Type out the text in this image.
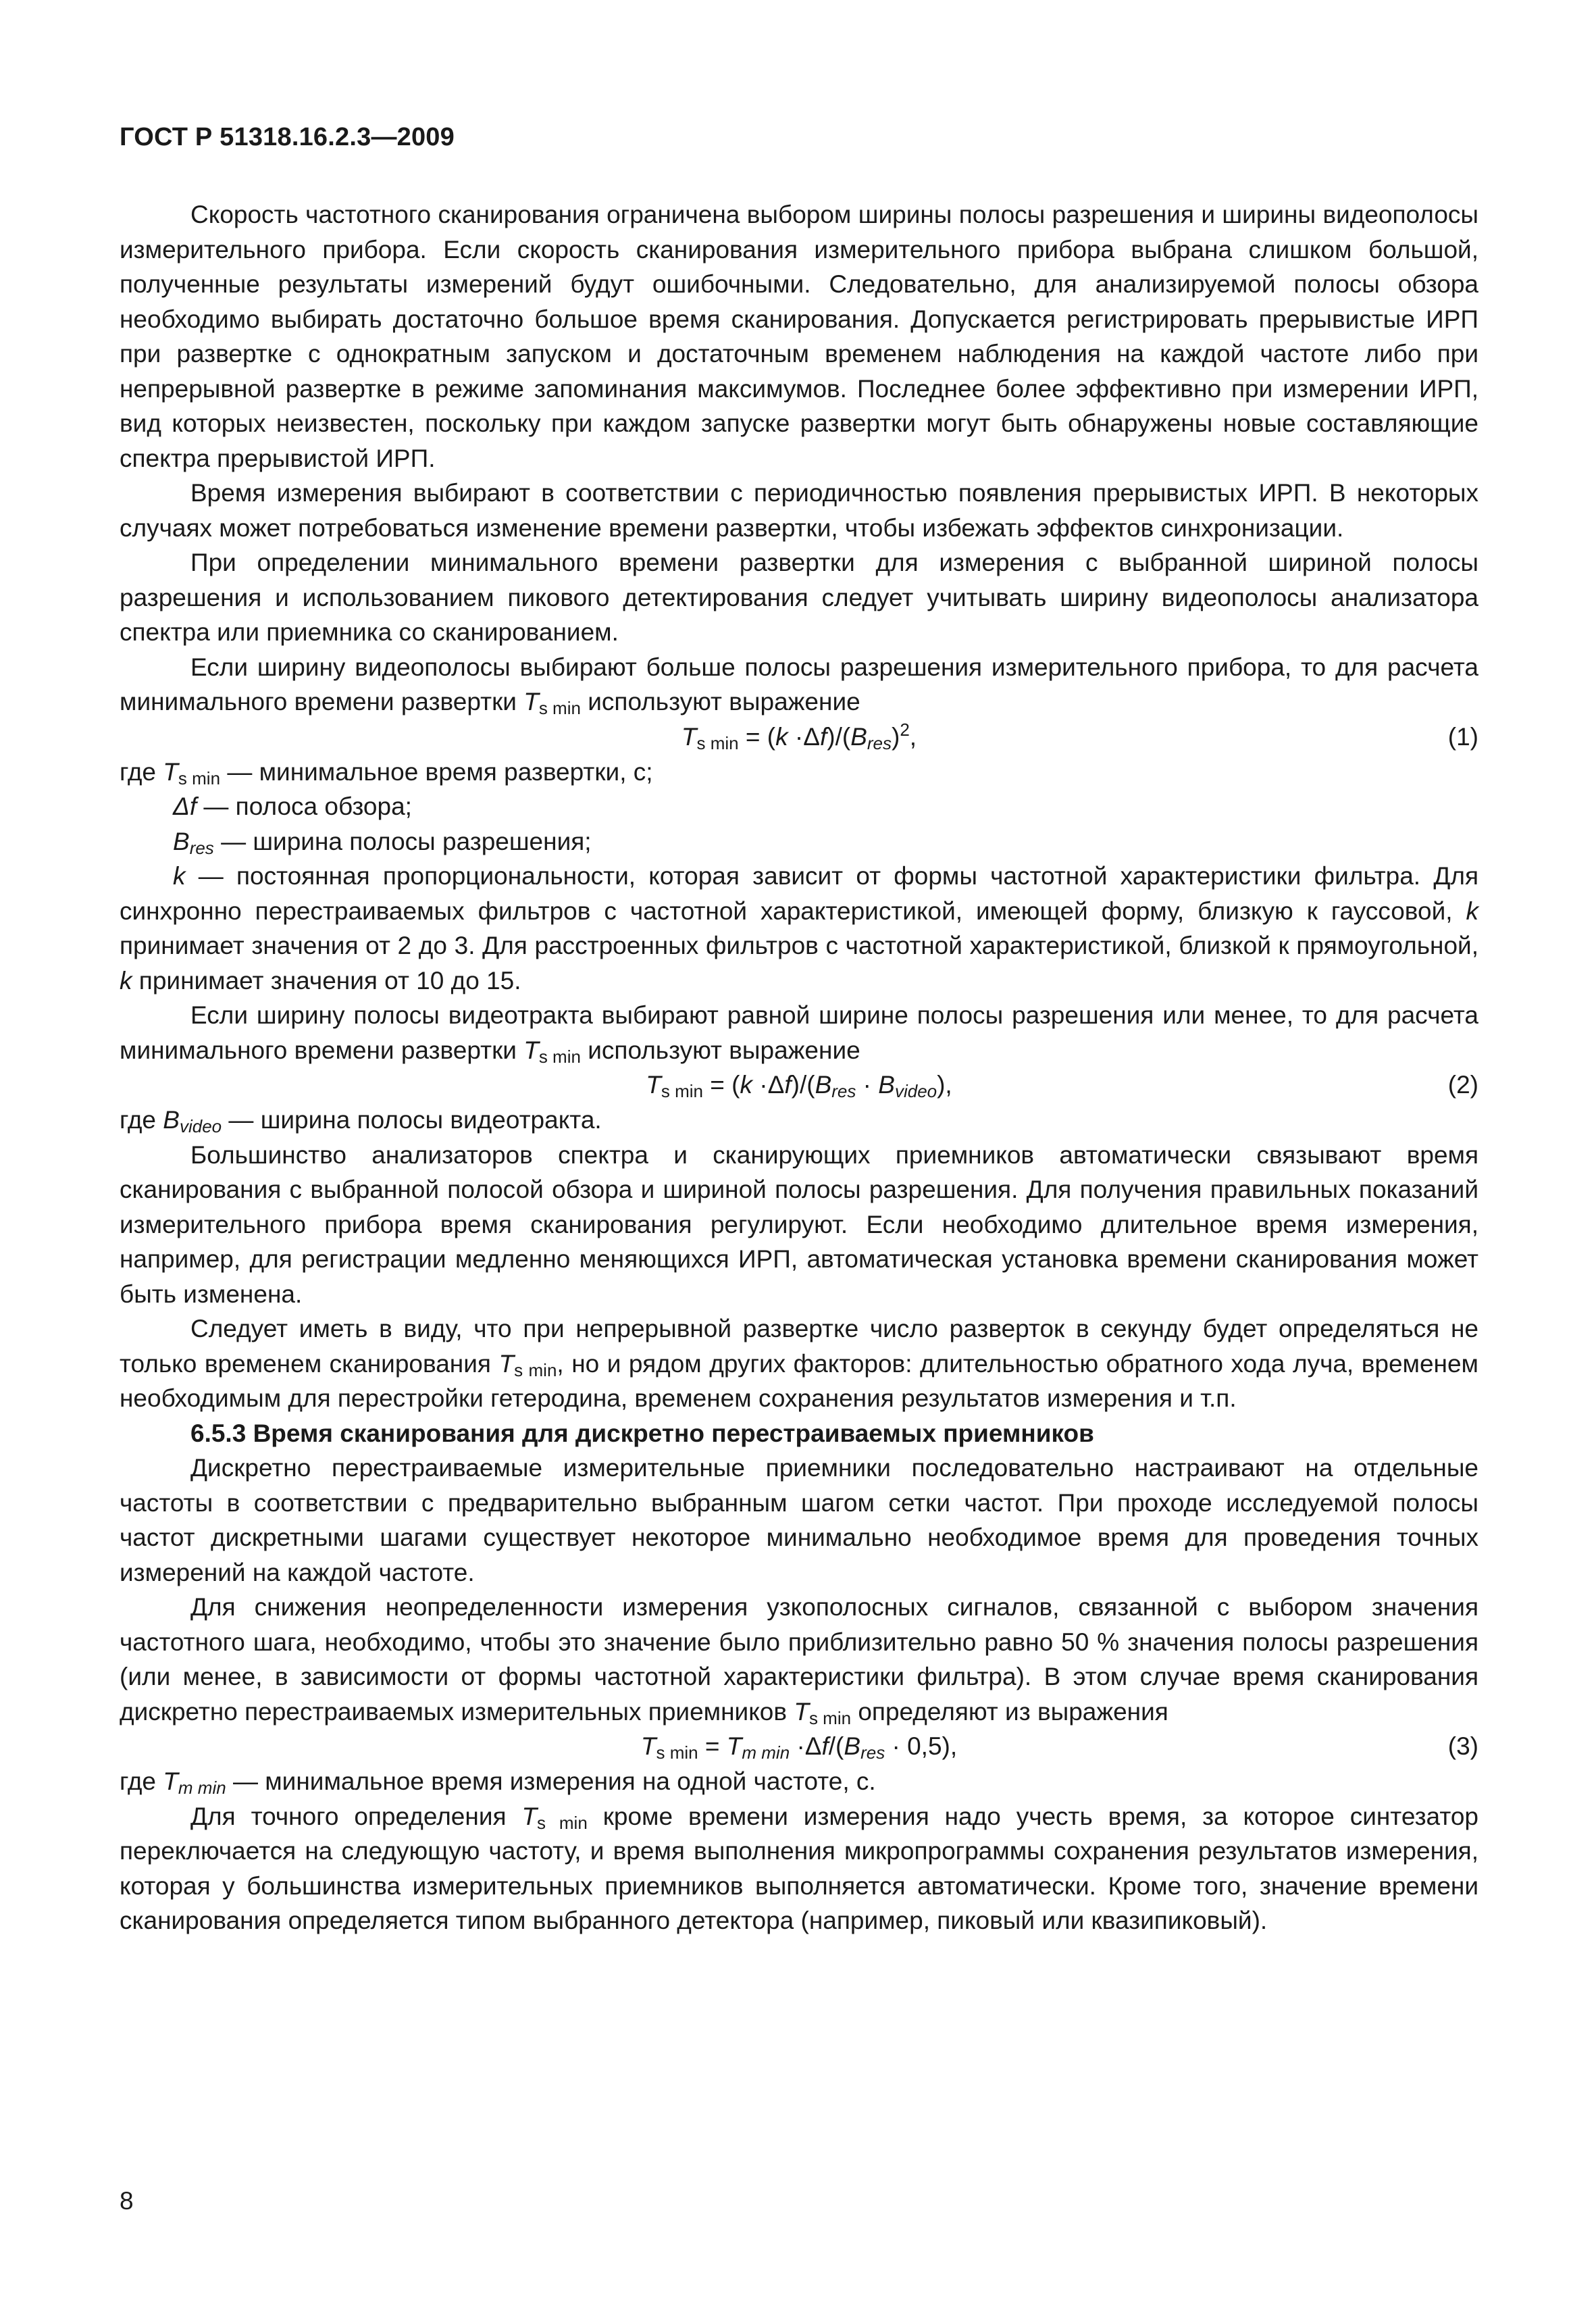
ГОСТ Р 51318.16.2.3—2009

Скорость частотного сканирования ограничена выбором ширины полосы разрешения и ширины видеополосы измерительного прибора. Если скорость сканирования измерительного прибора выбрана слишком большой, полученные результаты измерений будут ошибочными. Следовательно, для анализируемой полосы обзора необходимо выбирать достаточно большое время сканирования. Допускается регистрировать прерывистые ИРП при развертке с однократным запуском и достаточным временем наблюдения на каждой частоте либо при непрерывной развертке в режиме запоминания максимумов. Последнее более эффективно при измерении ИРП, вид которых неизвестен, поскольку при каждом запуске развертки могут быть обнаружены новые составляющие спектра прерывистой ИРП.

Время измерения выбирают в соответствии с периодичностью появления прерывистых ИРП. В некоторых случаях может потребоваться изменение времени развертки, чтобы избежать эффектов синхронизации.

При определении минимального времени развертки для измерения с выбранной шириной полосы разрешения и использованием пикового детектирования следует учитывать ширину видеополосы анализатора спектра или приемника со сканированием.

Если ширину видеополосы выбирают больше полосы разрешения измерительного прибора, то для расчета минимального времени развертки $T_{s min}$ используют выражение

$T_{s min} = (k \cdot\Delta f)/(B_{res})^2$,	(1)

где $T_{s min}$ — минимальное время развертки, с;

Δf — полоса обзора;

$B_{res}$ — ширина полосы разрешения;

k — постоянная пропорциональности, которая зависит от формы частотной характеристики фильтра. Для синхронно перестраиваемых фильтров с частотной характеристикой, имеющей форму, близкую к гауссовой, k принимает значения от 2 до 3. Для расстроенных фильтров с частотной характеристикой, близкой к прямоугольной, k принимает значения от 10 до 15.

Если ширину полосы видеотракта выбирают равной ширине полосы разрешения или менее, то для расчета минимального времени развертки $T_{s min}$ используют выражение

$T_{s min} = (k \cdot\Delta f)/(B_{res} \cdot B_{video})$,	(2)

где $B_{video}$ — ширина полосы видеотракта.

Большинство анализаторов спектра и сканирующих приемников автоматически связывают время сканирования с выбранной полосой обзора и шириной полосы разрешения. Для получения правильных показаний измерительного прибора время сканирования регулируют. Если необходимо длительное время измерения, например, для регистрации медленно меняющихся ИРП, автоматическая установка времени сканирования может быть изменена.

Следует иметь в виду, что при непрерывной развертке число разверток в секунду будет определяться не только временем сканирования $T_{s min}$, но и рядом других факторов: длительностью обратного хода луча, временем необходимым для перестройки гетеродина, временем сохранения результатов измерения и т.п.

6.5.3 Время сканирования для дискретно перестраиваемых приемников

Дискретно перестраиваемые измерительные приемники последовательно настраивают на отдельные частоты в соответствии с предварительно выбранным шагом сетки частот. При проходе исследуемой полосы частот дискретными шагами существует некоторое минимально необходимое время для проведения точных измерений на каждой частоте.

Для снижения неопределенности измерения узкополосных сигналов, связанной с выбором значения частотного шага, необходимо, чтобы это значение было приблизительно равно 50 % значения полосы разрешения (или менее, в зависимости от формы частотной характеристики фильтра). В этом случае время сканирования дискретно перестраиваемых измерительных приемников $T_{s min}$ определяют из выражения

$T_{s min} = T_{m min} \cdot\Delta f/(B_{res} \cdot 0,5)$,	(3)

где $T_{m min}$ — минимальное время измерения на одной частоте, с.

Для точного определения $T_{s min}$ кроме времени измерения надо учесть время, за которое синтезатор переключается на следующую частоту, и время выполнения микропрограммы сохранения результатов измерения, которая у большинства измерительных приемников выполняется автоматически. Кроме того, значение времени сканирования определяется типом выбранного детектора (например, пиковый или квазипиковый).

8
